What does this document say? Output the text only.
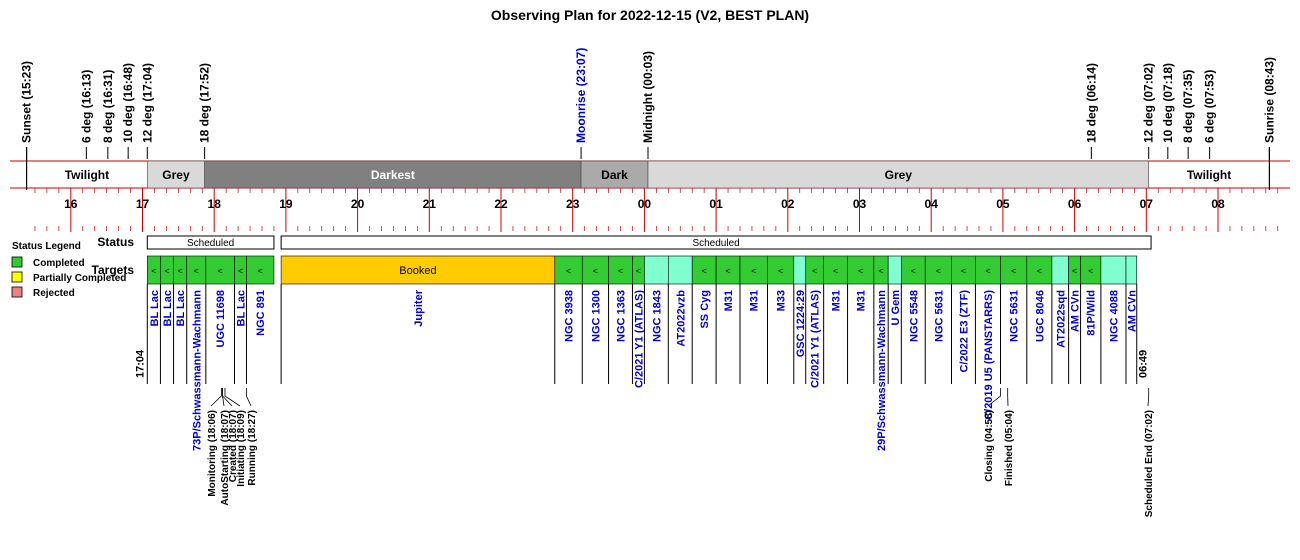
Observing Plan for 2022-12-15 (V2, BEST PLAN)
Sunset (15:23)	6 deg (16:13) 8 deg (16:31) 10 deg (16:48) 12 deg (17:04)	18 deg (17:52)	Moonrise (23:07)	Midnight (00:03)	18 deg (06:14)	12 deg (07:02) 10 deg (07:18) 8 deg (07:35) 6 deg (07:53)	Sunrise (08:43)
Twilight	Grey	Darkest	Dark	Grey	Twilight
16	17	18	19	20	21	22	23	00	01	02	03	04	05	06	07	08
Status Legend
Completed
Partially Completed
Rejected
Status
Targets
Scheduled	Scheduled
<
BL Lac
<
BL Lac
<
BL Lac
<
73P/Schwassmann-Wachmann
<
UGC 11698
<
BL Lac
<
NGC 891
Booked
Jupiter
<
NGC 3938
<
NGC 1300
<
NGC 1363
<
C/2021 Y1 (ATLAS) NGC 1843 AT2022vzb
<
SS Cyg
<
M31
<
M31
<
M33 GSC 1224:29
<
C/2021 Y1 (ATLAS)
<
M31
<
M31
<
29P/Schwassmann-Wachmann U Gem
<
NGC 5548
<
NGC 5631
<
C/2022 E3 (ZTF)
<
C/2019 U5 (PANSTARRS)
<
NGC 5631
<
UGC 8046 AT2022sqd
<
AM CVn
<
81P/Wild NGC 4088 AM CVn
17:04	06:49
Monitoring (18:06) AutoStarting (18:07)
Created (18:07)
Initiating (18:09) Running (18:27)	Closing (04:58) Finished (05:04)	Scheduled End (07:02)
